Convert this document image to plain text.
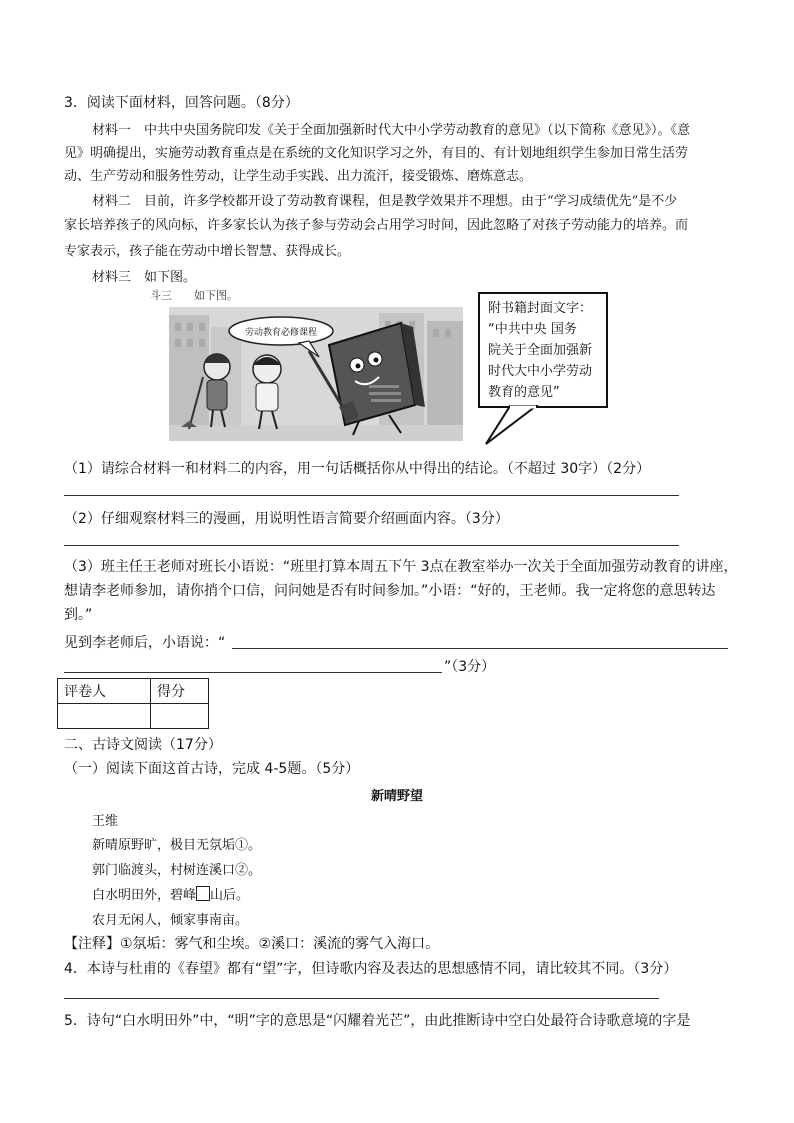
3．阅读下面材料，回答问题。（8分）
材料一　中共中央国务院印发《关于全面加强新时代大中小学劳动教育的意见》（以下简称《意见》）。《意
见》明确提出，实施劳动教育重点是在系统的文化知识学习之外，有目的、有计划地组织学生参加日常生活劳
动、生产劳动和服务性劳动，让学生动手实践、出力流汗，接受锻炼、磨炼意志。
材料二　目前，许多学校都开设了劳动教育课程，但是教学效果并不理想。由于“学习成绩优先”是不少
家长培养孩子的风向标，许多家长认为孩子参与劳动会占用学习时间，因此忽略了对孩子劳动能力的培养。而
专家表示，孩子能在劳动中增长智慧、获得成长。
材料三　如下图。
斗三　　如下图。
劳动教育必修课程
附书籍封面文字：
“中共中央 国务
院关于全面加强新
时代大中小学劳动
教育的意见”
（1）请综合材料一和材料二的内容，用一句话概括你从中得出的结论。（不超过 30字）（2分）
（2）仔细观察材料三的漫画，用说明性语言简要介绍画面内容。（3分）
（3）班主任王老师对班长小语说：“班里打算本周五下午 3点在教室举办一次关于全面加强劳动教育的讲座，
想请李老师参加，请你捎个口信，问问她是否有时间参加。”小语：“好的，王老师。我一定将您的意思转达
到。”
见到李老师后，小语说：“
”（3分）
评卷人	得分

二、古诗文阅读（17分）
（一）阅读下面这首古诗，完成 4-5题。（5分）
新晴野望
王维
新晴原野旷，极目无氛垢①。
郭门临渡头，村树连溪口②。
白水明田外，碧峰 山后。
农月无闲人，倾家事南亩。
【注释】①氛垢：雾气和尘埃。②溪口：溪流的雾气入海口。
4．本诗与杜甫的《春望》都有“望”字，但诗歌内容及表达的思想感情不同，请比较其不同。（3分）
5．诗句“白水明田外”中，“明”字的意思是“闪耀着光芒”，由此推断诗中空白处最符合诗歌意境的字是
